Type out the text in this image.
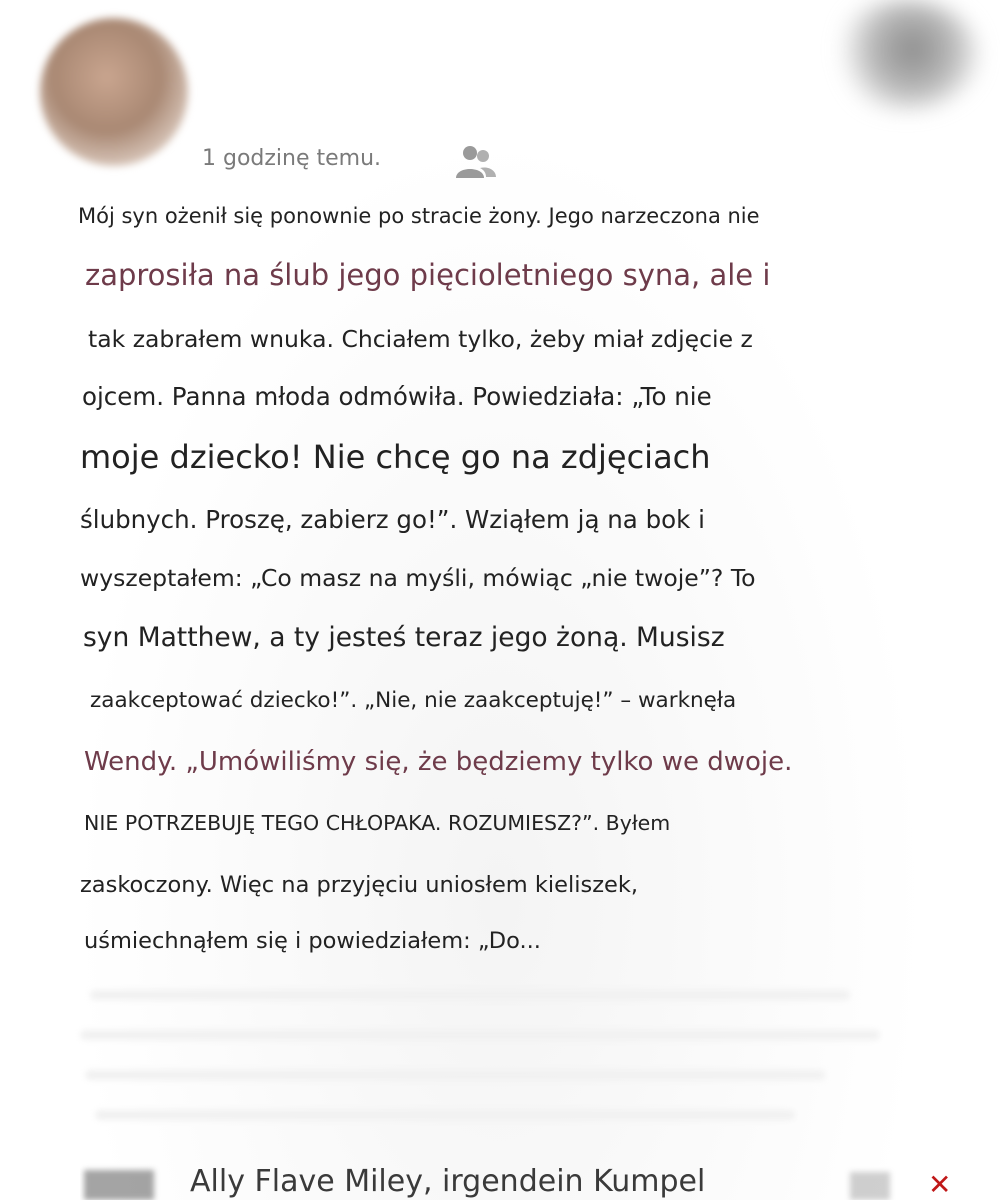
1 godzinę temu.
Mój syn ożenił się ponownie po stracie żony. Jego narzeczona nie
zaprosiła na ślub jego pięcioletniego syna, ale i
tak zabrałem wnuka. Chciałem tylko, żeby miał zdjęcie z
ojcem. Panna młoda odmówiła. Powiedziała: „To nie
moje dziecko! Nie chcę go na zdjęciach
ślubnych. Proszę, zabierz go!”. Wziąłem ją na bok i
wyszeptałem: „Co masz na myśli, mówiąc „nie twoje”? To
syn Matthew, a ty jesteś teraz jego żoną. Musisz
zaakceptować dziecko!”. „Nie, nie zaakceptuję!” – warknęła
Wendy. „Umówiliśmy się, że będziemy tylko we dwoje.
NIE POTRZEBUJĘ TEGO CHŁOPAKA. ROZUMIESZ?”. Byłem
zaskoczony. Więc na przyjęciu uniosłem kieliszek,
uśmiechnąłem się i powiedziałem: „Do...
Ally Flave Miley, irgendein Kumpel	✕
